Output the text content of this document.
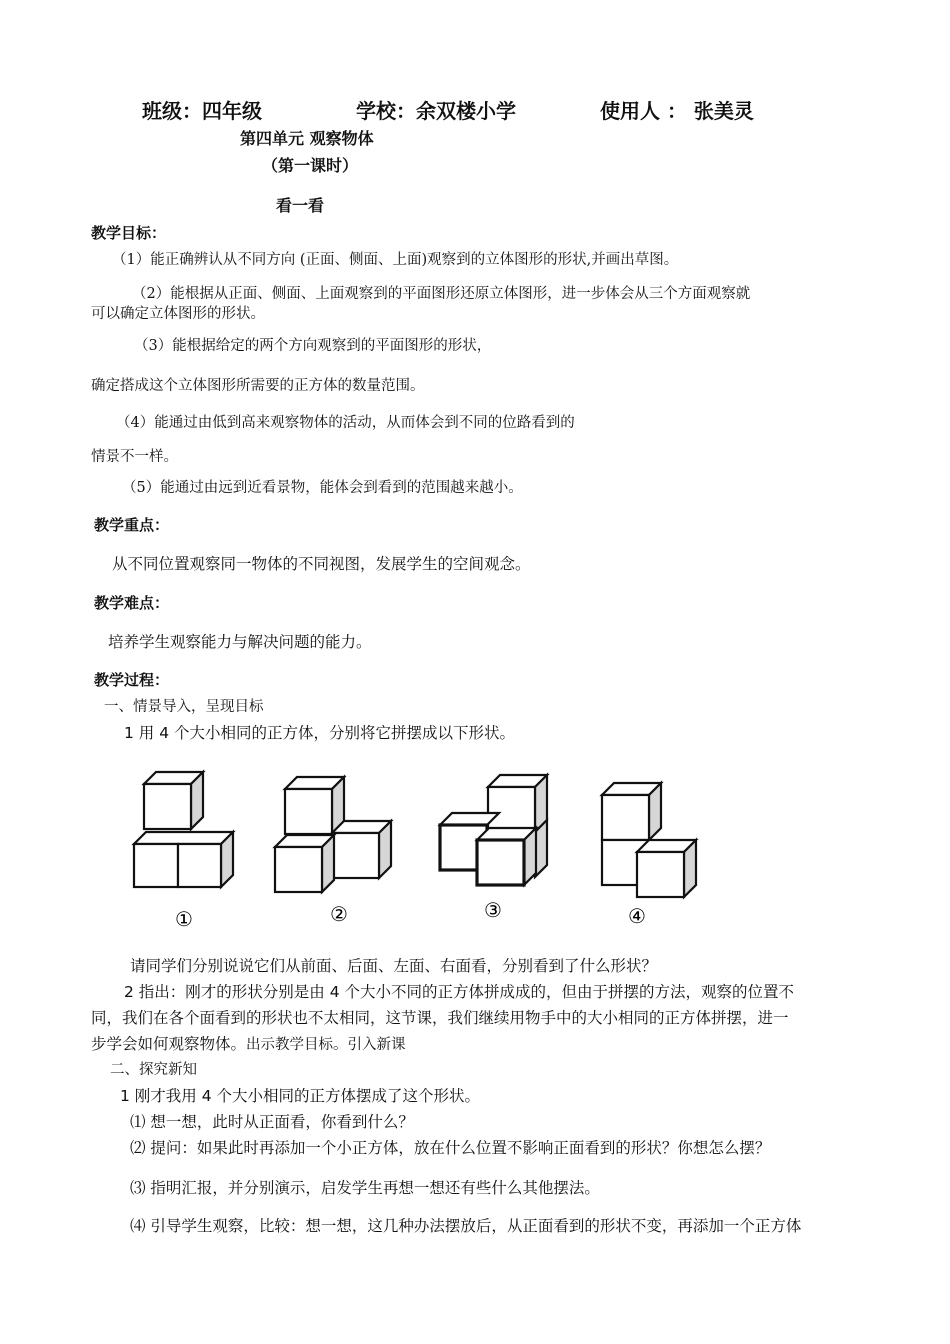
班级：四年级	学校：余双楼小学	使用人 ： 张美灵
第四单元 观察物体
（第一课时）
看一看
教学目标：
（1）能正确辨认从不同方向 (正面、侧面、上面)观察到的立体图形的形状,并画出草图。
（2）能根据从正面、侧面、上面观察到的平面图形还原立体图形，进一步体会从三个方面观察就
可以确定立体图形的形状。
（3）能根据给定的两个方向观察到的平面图形的形状，
确定搭成这个立体图形所需要的正方体的数量范围。
（4）能通过由低到高来观察物体的活动，从而体会到不同的位路看到的
情景不一样。
（5）能通过由远到近看景物，能体会到看到的范围越来越小。
教学重点：
从不同位置观察同一物体的不同视图，发展学生的空间观念。
教学难点：
培养学生观察能力与解决问题的能力。
教学过程：
一、情景导入，呈现目标
1 用 4 个大小相同的正方体，分别将它拼摆成以下形状。
①	②	③	④
请同学们分别说说它们从前面、后面、左面、右面看，分别看到了什么形状？
2 指出：刚才的形状分别是由 4 个大小不同的正方体拼成成的，但由于拼摆的方法，观察的位置不
同，我们在各个面看到的形状也不太相同，这节课，我们继续用物手中的大小相同的正方体拼摆，进一
步学会如何观察物体。出示教学目标。引入新课
二、探究新知
1 刚才我用 4 个大小相同的正方体摆成了这个形状。
⑴ 想一想，此时从正面看，你看到什么？
⑵ 提问：如果此时再添加一个小正方体，放在什么位置不影响正面看到的形状？你想怎么摆？
⑶ 指明汇报，并分别演示，启发学生再想一想还有些什么其他摆法。
⑷ 引导学生观察，比较：想一想，这几种办法摆放后，从正面看到的形状不变，再添加一个正方体
